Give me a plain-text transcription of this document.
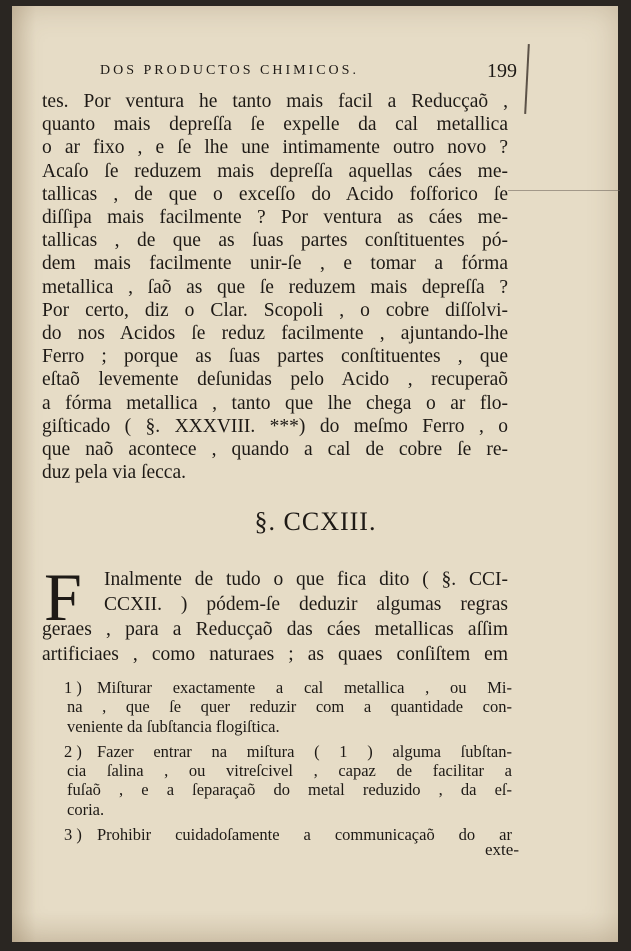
DOS PRODUCTOS CHIMICOS.	199
tes. Por ventura he tanto mais facil a Reducçaõ ,
quanto mais depreſſa ſe expelle da cal metallica
o ar fixo , e ſe lhe une intimamente outro novo ?
Acaſo ſe reduzem mais depreſſa aquellas cáes me-
tallicas , de que o exceſſo do Acido foſforico ſe
diſſipa mais facilmente ? Por ventura as cáes me-
tallicas , de que as ſuas partes conſtituentes pó-
dem mais facilmente unir-ſe , e tomar a fórma
metallica , ſaõ as que ſe reduzem mais depreſſa ?
Por certo, diz o Clar. Scopoli , o cobre diſſolvi-
do nos Acidos ſe reduz facilmente , ajuntando-lhe
Ferro ; porque as ſuas partes conſtituentes , que
eſtaõ levemente deſunidas pelo Acido , recuperaõ
a fórma metallica , tanto que lhe chega o ar flo-
giſticado ( §. XXXVIII. ***) do meſmo Ferro , o
que naõ acontece , quando a cal de cobre ſe re-
duz pela via ſecca.
§. CCXIII.
F Inalmente de tudo o que fica dito ( §. CCI-
CCXII. ) pódem-ſe deduzir algumas regras
geraes , para a Reducçaõ das cáes metallicas aſſim
artificiaes , como naturaes ; as quaes conſiſtem em
1 ) Miſturar exactamente a cal metallica , ou Mi-
na , que ſe quer reduzir com a quantidade con-
veniente da ſubſtancia flogiſtica.
2 ) Fazer entrar na miſtura ( 1 ) alguma ſubſtan-
cia ſalina , ou vitreſcivel , capaz de facilitar a
fuſaõ , e a ſeparaçaõ do metal reduzido , da eſ-
coria.
3 ) Prohibir cuidadoſamente a communicaçaõ do ar
exte-
